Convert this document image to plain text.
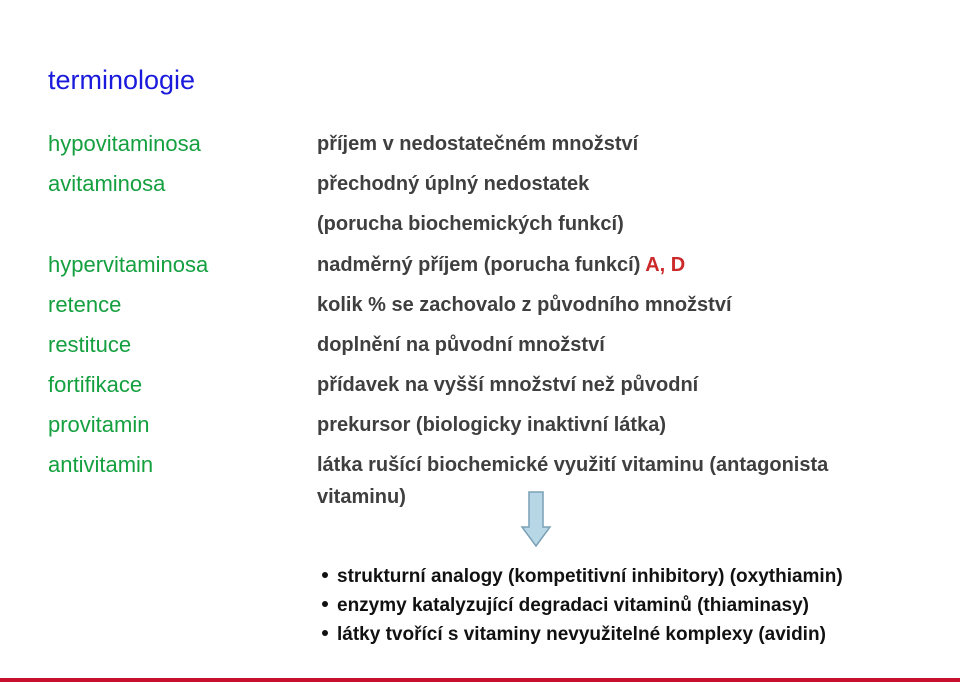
terminologie
hypovitaminosa
avitaminosa
hypervitaminosa
retence
restituce
fortifikace
provitamin
antivitamin
příjem v nedostatečném množství
přechodný úplný nedostatek
(porucha biochemických funkcí)
nadměrný příjem (porucha funkcí) A, D
kolik % se zachovalo z původního množství
doplnění na původní množství
přídavek na vyšší množství než původní
prekursor (biologicky inaktivní látka)
látka rušící biochemické využití vitaminu (antagonista
vitaminu)
strukturní analogy (kompetitivní inhibitory) (oxythiamin)
enzymy katalyzující degradaci vitaminů (thiaminasy)
látky tvořící s vitaminy nevyužitelné komplexy (avidin)
